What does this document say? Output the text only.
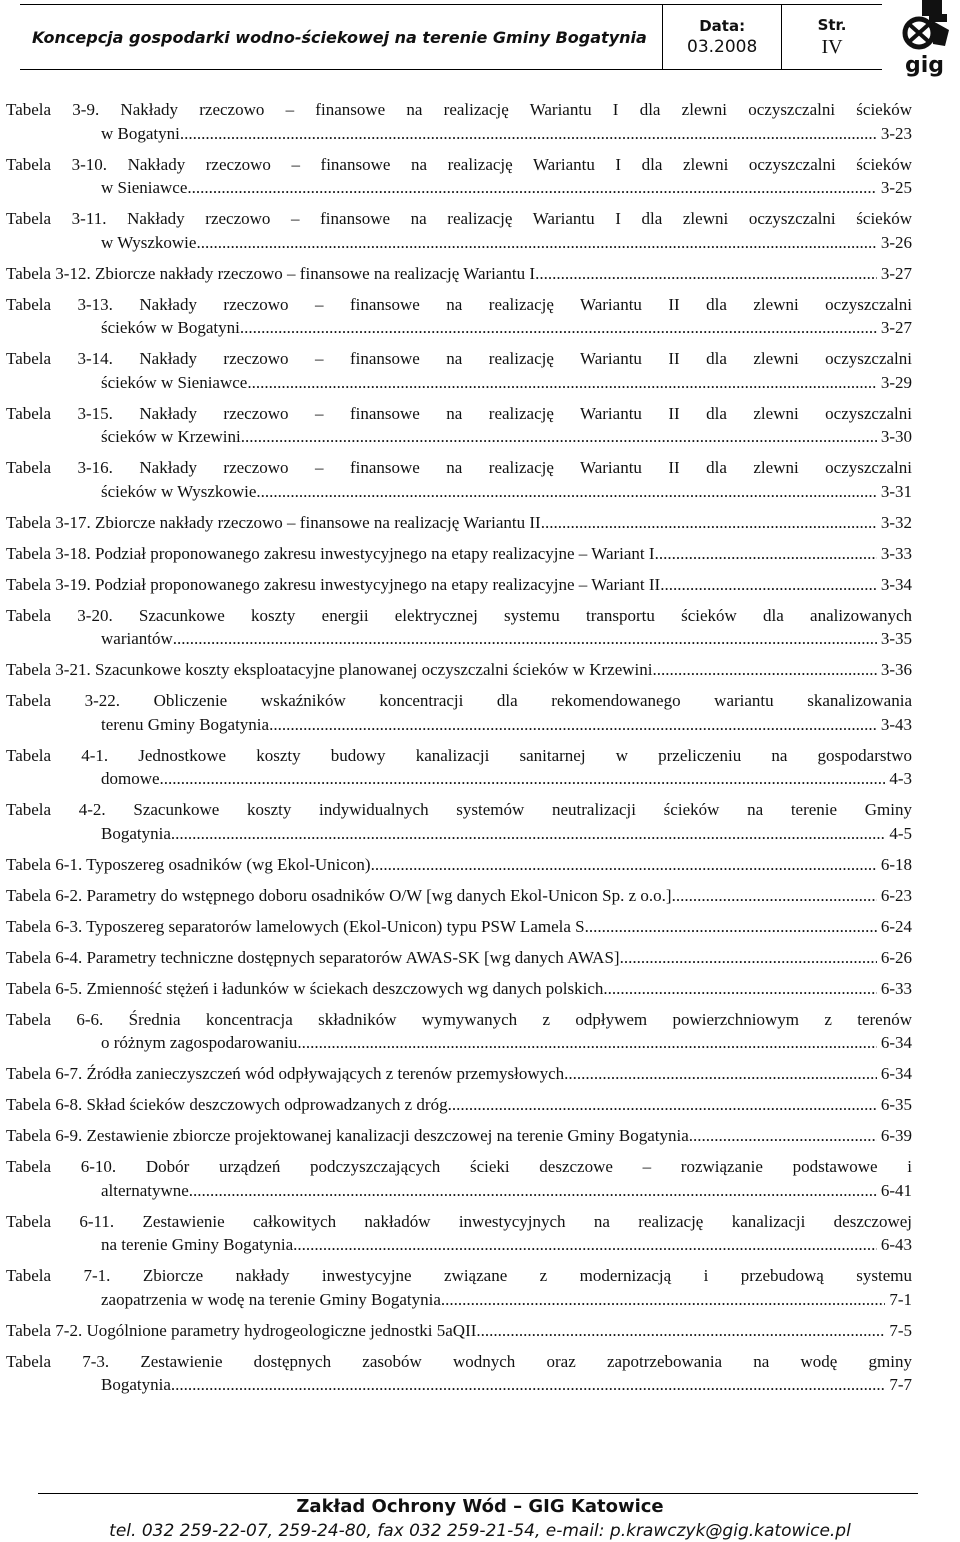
Koncepcja gospodarki wodno-ściekowej na terenie Gminy Bogatynia
Data:
03.2008
Str.
IV
gig
Tabela 3-9. Nakłady rzeczowo – finansowe na realizację Wariantu I dla zlewni oczyszczalni ścieków
w Bogatyni .....	3-23
Tabela 3-10. Nakłady rzeczowo – finansowe na realizację Wariantu I dla zlewni oczyszczalni ścieków
w Sieniawce .....	3-25
Tabela 3-11. Nakłady rzeczowo – finansowe na realizację Wariantu I dla zlewni oczyszczalni ścieków
w Wyszkowie .....	3-26
Tabela 3-12. Zbiorcze nakłady rzeczowo – finansowe na realizację Wariantu I .....	3-27
Tabela 3-13. Nakłady rzeczowo – finansowe na realizację Wariantu II dla zlewni oczyszczalni
ścieków w Bogatyni .....	3-27
Tabela 3-14. Nakłady rzeczowo – finansowe na realizację Wariantu II dla zlewni oczyszczalni
ścieków w Sieniawce .....	3-29
Tabela 3-15. Nakłady rzeczowo – finansowe na realizację Wariantu II dla zlewni oczyszczalni
ścieków w Krzewini .....	3-30
Tabela 3-16. Nakłady rzeczowo – finansowe na realizację Wariantu II dla zlewni oczyszczalni
ścieków w Wyszkowie .....	3-31
Tabela 3-17. Zbiorcze nakłady rzeczowo – finansowe na realizację Wariantu II .....	3-32
Tabela 3-18. Podział proponowanego zakresu inwestycyjnego na etapy realizacyjne – Wariant I .....	3-33
Tabela 3-19. Podział proponowanego zakresu inwestycyjnego na etapy realizacyjne – Wariant II .....	3-34
Tabela 3-20. Szacunkowe koszty energii elektrycznej systemu transportu ścieków dla analizowanych
wariantów .....	3-35
Tabela 3-21. Szacunkowe koszty eksploatacyjne planowanej oczyszczalni ścieków w Krzewini .....	3-36
Tabela 3-22. Obliczenie wskaźników koncentracji dla rekomendowanego wariantu skanalizowania
terenu Gminy Bogatynia .....	3-43
Tabela 4-1. Jednostkowe koszty budowy kanalizacji sanitarnej w przeliczeniu na gospodarstwo
domowe .....	4-3
Tabela 4-2. Szacunkowe koszty indywidualnych systemów neutralizacji ścieków na terenie Gminy
Bogatynia .....	4-5
Tabela 6-1. Typoszereg osadników (wg Ekol-Unicon) .....	6-18
Tabela 6-2. Parametry do wstępnego doboru osadników O/W [wg danych Ekol-Unicon Sp. z o.o.] .....	6-23
Tabela 6-3. Typoszereg separatorów lamelowych (Ekol-Unicon) typu PSW Lamela S .....	6-24
Tabela 6-4. Parametry techniczne dostępnych separatorów AWAS-SK [wg danych AWAS] .....	6-26
Tabela 6-5. Zmienność stężeń i ładunków w ściekach deszczowych wg danych polskich .....	6-33
Tabela 6-6. Średnia koncentracja składników wymywanych z odpływem powierzchniowym z terenów
o różnym zagospodarowaniu .....	6-34
Tabela 6-7. Źródła zanieczyszczeń wód odpływających z terenów przemysłowych .....	6-34
Tabela 6-8. Skład ścieków deszczowych odprowadzanych z dróg .....	6-35
Tabela 6-9. Zestawienie zbiorcze projektowanej kanalizacji deszczowej na terenie Gminy Bogatynia .....	6-39
Tabela 6-10. Dobór urządzeń podczyszczających ścieki deszczowe – rozwiązanie podstawowe i
alternatywne .....	6-41
Tabela 6-11. Zestawienie całkowitych nakładów inwestycyjnych na realizację kanalizacji deszczowej
na terenie Gminy Bogatynia .....	6-43
Tabela 7-1. Zbiorcze nakłady inwestycyjne związane z modernizacją i przebudową systemu
zaopatrzenia w wodę na terenie Gminy Bogatynia .....	7-1
Tabela 7-2. Uogólnione parametry hydrogeologiczne jednostki 5aQII .....	7-5
Tabela 7-3. Zestawienie dostępnych zasobów wodnych oraz zapotrzebowania na wodę gminy
Bogatynia .....	7-7
Zakład Ochrony Wód – GIG Katowice
tel. 032 259-22-07, 259-24-80, fax 032 259-21-54, e-mail: p.krawczyk@gig.katowice.pl
